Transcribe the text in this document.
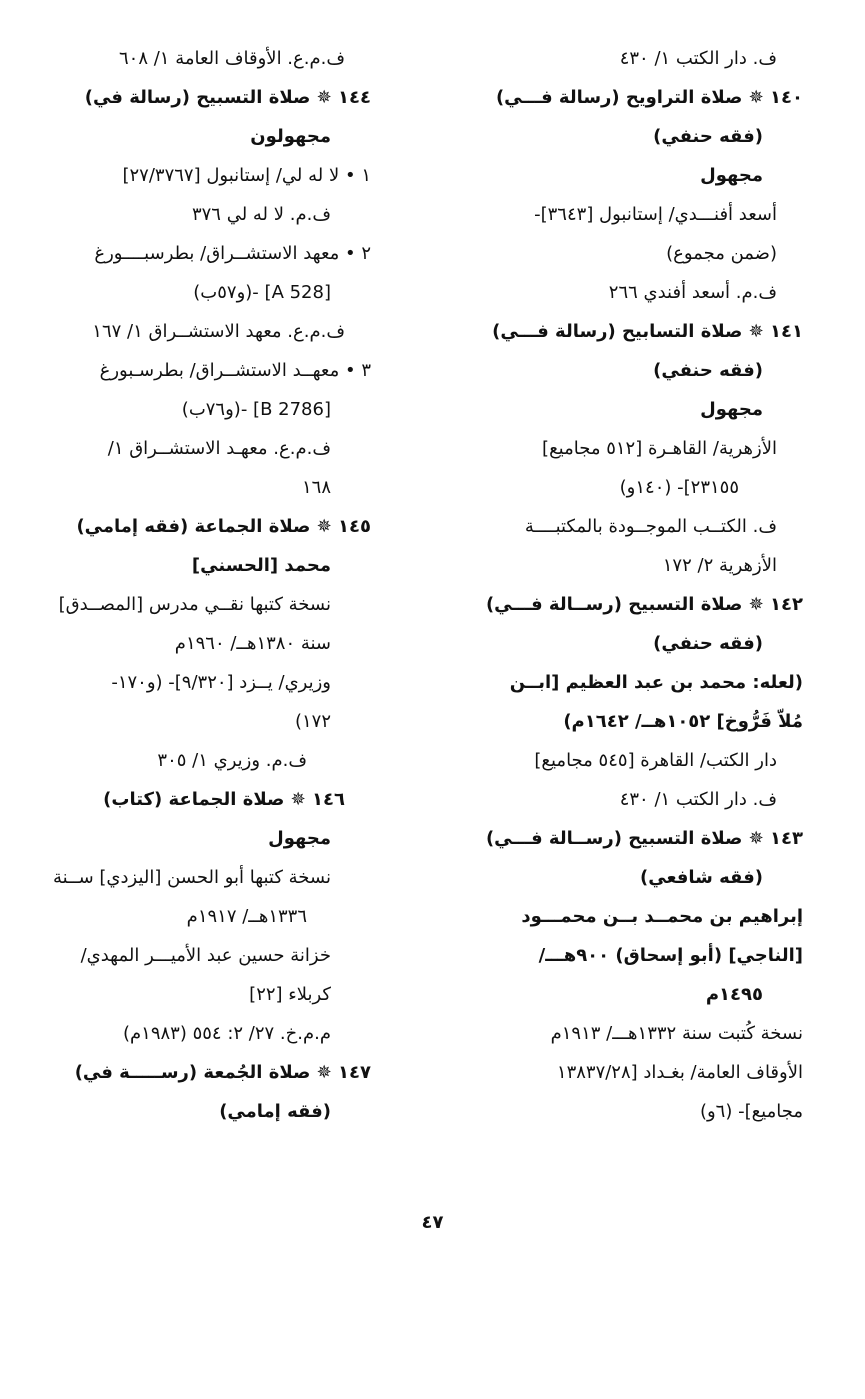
ف. دار الكتب ١/ ٤٣٠
١٤٠ ✵ صلاة التراويح (رسالة فـــي)
(فقه حنفي)
مجهول
أسعد أفنـــدي/ إستانبول [٣٦٤٣]-
(ضمن مجموع)
ف.م. أسعد أفندي ٢٦٦
١٤١ ✵ صلاة التسابيح (رسالة فـــي)
(فقه حنفي)
مجهول
الأزهرية/ القاهـرة [٥١٢ مجاميع]
٢٣١٥٥]- (١٤٠و)
ف. الكتــب الموجــودة بالمكتبــــة
الأزهرية ٢/ ١٧٢
١٤٢ ✵ صلاة التسبيح (رســالة فـــي)
(فقه حنفي)
(لعله: محمد بن عبد العظيم [ابــن
مُلاّ فَرُّوخ] ١٠٥٢هــ/ ١٦٤٢م)
دار الكتب/ القاهرة [٥٤٥ مجاميع]
ف. دار الكتب ١/ ٤٣٠
١٤٣ ✵ صلاة التسبيح (رســالة فـــي)
(فقه شافعي)
إبراهيم بن محمــد بــن محمـــود
[الناجي] (أبو إسحاق) ٩٠٠هـــ/
١٤٩٥م
نسخة كُتبت سنة ١٣٣٢هـــ/ ١٩١٣م
الأوقاف العامة/ بغـداد [١٣٨٣٧/٢٨
مجاميع]- (٦و)
ف.م.ع. الأوقاف العامة ١/ ٦٠٨
١٤٤ ✵ صلاة التسبيح (رسالة في)
مجهولون
١ • لا له لي/ إستانبول [٢٧/٣٧٦٧]
ف.م. لا له لي ٣٧٦
٢ • معهد الاستشــراق/ بطرسبــــورغ
[A 528] -(و٥٧ب)
ف.م.ع. معهد الاستشــراق ١/ ١٦٧
٣ • معهــد الاستشــراق/ بطرسـبورغ
[B 2786] -(و٧٦ب)
ف.م.ع. معهـد الاستشــراق ١/
١٦٨
١٤٥ ✵ صلاة الجماعة (فقه إمامي)
محمد [الحسني]
نسخة كتبها نقــي مدرس [المصــدق]
سنة ١٣٨٠هــ/ ١٩٦٠م
وزيري/ يــزد [٩/٣٢٠]- (و١٧٠-
١٧٢)
ف.م. وزيري ١/ ٣٠٥
١٤٦ ✵ صلاة الجماعة (كتاب)
مجهول
نسخة كتبها أبو الحسن [اليزدي] ســنة
١٣٣٦هــ/ ١٩١٧م
خزانة حسين عبد الأميـــر المهدي/
كربلاء [٢٢]
م.م.خ. ٢٧/ ٢: ٥٥٤ (١٩٨٣م)
١٤٧ ✵ صلاة الجُمعة (رســـــة في)
(فقه إمامي)
٤٧
